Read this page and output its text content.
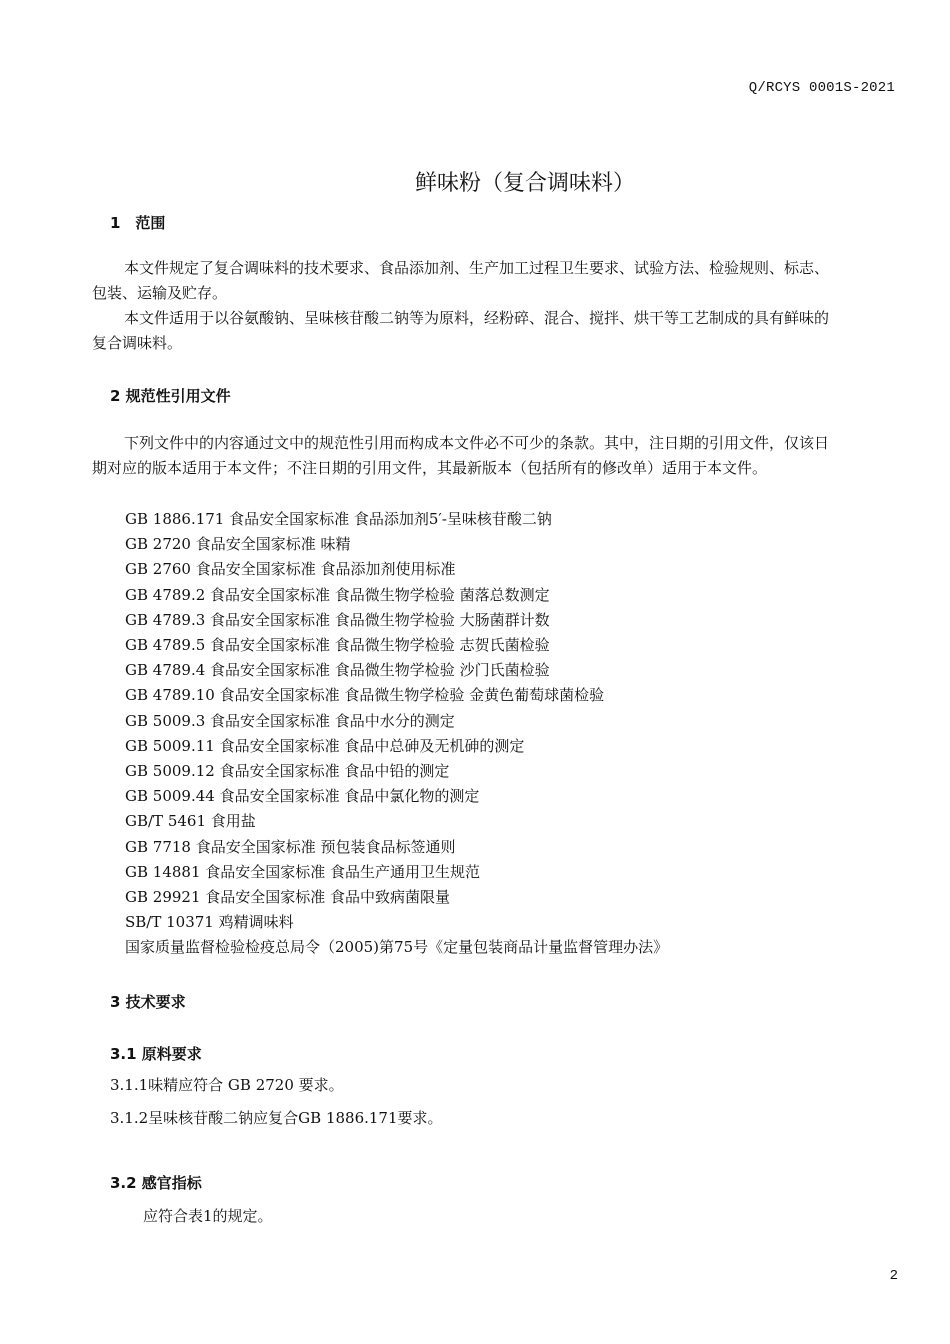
Q/RCYS 0001S-2021
鲜味粉（复合调味料）
1　范围
本文件规定了复合调味料的技术要求、食品添加剂、生产加工过程卫生要求、试验方法、检验规则、标志、包装、运输及贮存。
本文件适用于以谷氨酸钠、呈味核苷酸二钠等为原料，经粉碎、混合、搅拌、烘干等工艺制成的具有鲜味的复合调味料。
2 规范性引用文件
下列文件中的内容通过文中的规范性引用而构成本文件必不可少的条款。其中，注日期的引用文件，仅该日期对应的版本适用于本文件；不注日期的引用文件，其最新版本（包括所有的修改单）适用于本文件。
GB 1886.171 食品安全国家标准 食品添加剂5′-呈味核苷酸二钠
GB 2720 食品安全国家标准 味精
GB 2760 食品安全国家标准 食品添加剂使用标准
GB 4789.2 食品安全国家标准 食品微生物学检验 菌落总数测定
GB 4789.3 食品安全国家标准 食品微生物学检验 大肠菌群计数
GB 4789.5 食品安全国家标准 食品微生物学检验 志贺氏菌检验
GB 4789.4 食品安全国家标准 食品微生物学检验 沙门氏菌检验
GB 4789.10 食品安全国家标准 食品微生物学检验 金黄色葡萄球菌检验
GB 5009.3 食品安全国家标准 食品中水分的测定
GB 5009.11 食品安全国家标准 食品中总砷及无机砷的测定
GB 5009.12 食品安全国家标准 食品中铅的测定
GB 5009.44 食品安全国家标准 食品中氯化物的测定
GB/T 5461 食用盐
GB 7718 食品安全国家标准 预包装食品标签通则
GB 14881 食品安全国家标准 食品生产通用卫生规范
GB 29921 食品安全国家标准 食品中致病菌限量
SB/T 10371 鸡精调味料
国家质量监督检验检疫总局令（2005)第75号《定量包装商品计量监督管理办法》
3 技术要求
3.1 原料要求
3.1.1味精应符合 GB 2720 要求。
3.1.2呈味核苷酸二钠应复合GB 1886.171要求。
3.2 感官指标
应符合表1的规定。
2
